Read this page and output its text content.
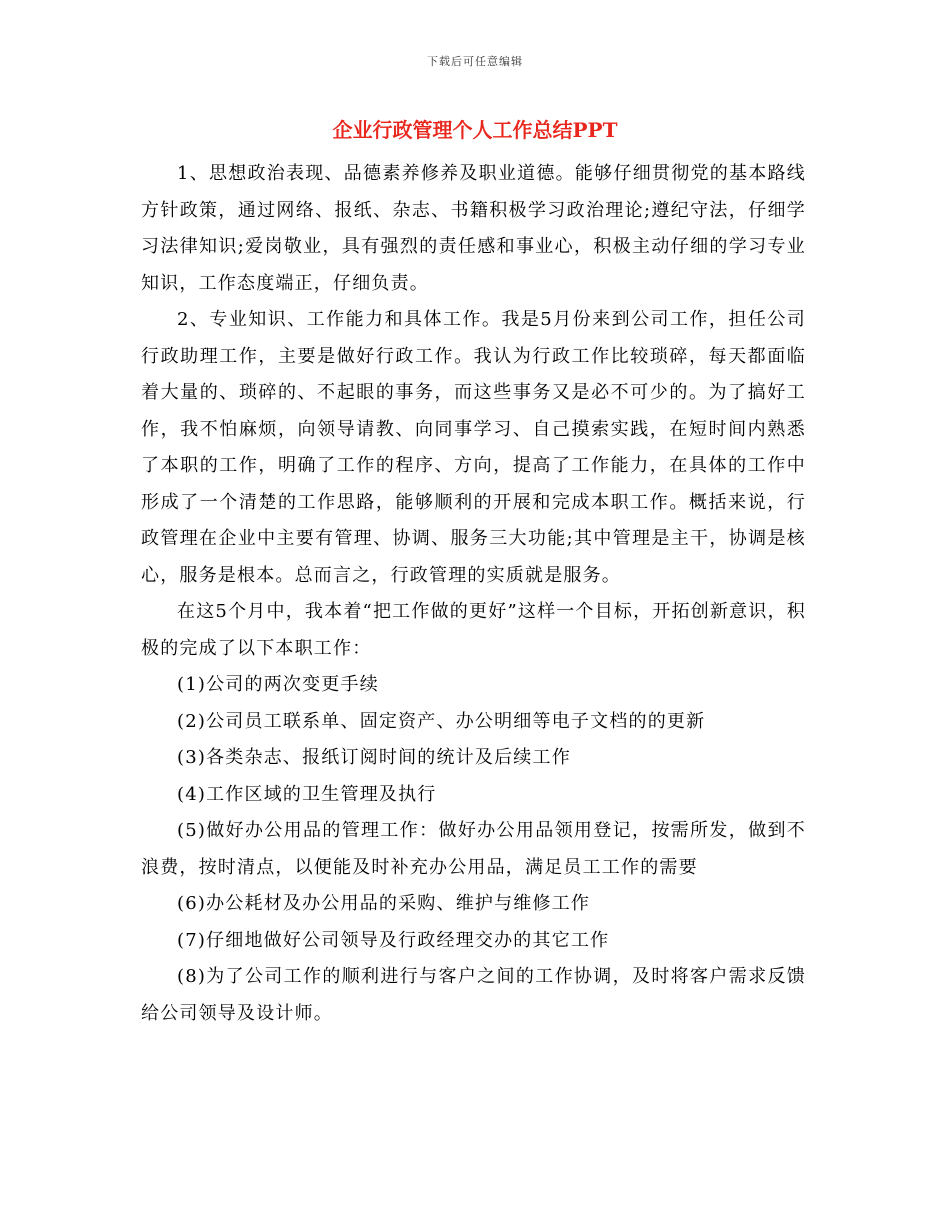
下载后可任意编辑
企业行政管理个人工作总结PPT

1、思想政治表现、品德素养修养及职业道德。能够仔细贯彻党的基本路线方针政策，通过网络、报纸、杂志、书籍积极学习政治理论;遵纪守法，仔细学习法律知识;爱岗敬业，具有强烈的责任感和事业心，积极主动仔细的学习专业知识，工作态度端正，仔细负责。

2、专业知识、工作能力和具体工作。我是5月份来到公司工作，担任公司行政助理工作，主要是做好行政工作。我认为行政工作比较琐碎，每天都面临着大量的、琐碎的、不起眼的事务，而这些事务又是必不可少的。为了搞好工作，我不怕麻烦，向领导请教、向同事学习、自己摸索实践，在短时间内熟悉了本职的工作，明确了工作的程序、方向，提高了工作能力，在具体的工作中形成了一个清楚的工作思路，能够顺利的开展和完成本职工作。概括来说，行政管理在企业中主要有管理、协调、服务三大功能;其中管理是主干，协调是核心，服务是根本。总而言之，行政管理的实质就是服务。

在这5个月中，我本着“把工作做的更好”这样一个目标，开拓创新意识，积极的完成了以下本职工作：

(1)公司的两次变更手续

(2)公司员工联系单、固定资产、办公明细等电子文档的的更新

(3)各类杂志、报纸订阅时间的统计及后续工作

(4)工作区域的卫生管理及执行

(5)做好办公用品的管理工作：做好办公用品领用登记，按需所发，做到不浪费，按时清点，以便能及时补充办公用品，满足员工工作的需要

(6)办公耗材及办公用品的采购、维护与维修工作

(7)仔细地做好公司领导及行政经理交办的其它工作

(8)为了公司工作的顺利进行与客户之间的工作协调，及时将客户需求反馈给公司领导及设计师。
